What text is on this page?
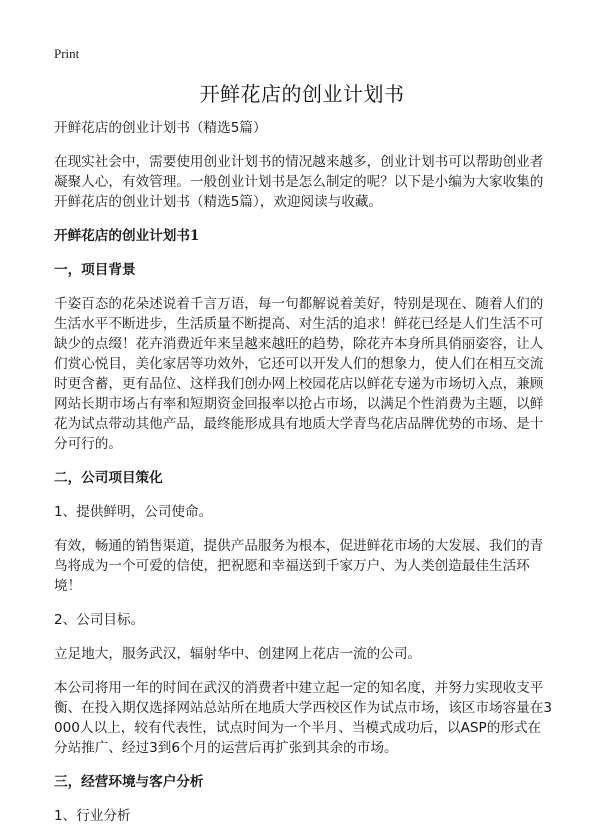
Print
开鲜花店的创业计划书

开鲜花店的创业计划书（精选5篇）

在现实社会中，需要使用创业计划书的情况越来越多，创业计划书可以帮助创业者凝聚人心，有效管理。一般创业计划书是怎么制定的呢？以下是小编为大家收集的开鲜花店的创业计划书（精选5篇），欢迎阅读与收藏。

开鲜花店的创业计划书1

一，项目背景

千姿百态的花朵述说着千言万语，每一句都解说着美好，特别是现在、随着人们的生活水平不断进步，生活质量不断提高、对生活的追求！鲜花已经是人们生活不可缺少的点缀！花卉消费近年来呈越来越旺的趋势，除花卉本身所具俏丽姿容，让人们赏心悦目，美化家居等功效外，它还可以开发人们的想象力，使人们在相互交流时更含蓄，更有品位、这样我们创办网上校园花店以鲜花专递为市场切入点，兼顾网站长期市场占有率和短期资金回报率以抢占市场，以满足个性消费为主题，以鲜花为试点带动其他产品，最终能形成具有地质大学青鸟花店品牌优势的市场、是十分可行的。

二，公司项目策化

1、提供鲜明，公司使命。

有效，畅通的销售渠道，提供产品服务为根本，促进鲜花市场的大发展、我们的青鸟将成为一个可爱的信使，把祝愿和幸福送到千家万户、为人类创造最佳生活环境！

2、公司目标。

立足地大，服务武汉，辐射华中、创建网上花店一流的公司。

本公司将用一年的时间在武汉的消费者中建立起一定的知名度，并努力实现收支平衡、在投入期仅选择网站总站所在地质大学西校区作为试点市场，该区市场容量在3000人以上，较有代表性，试点时间为一个半月、当模式成功后，以ASP的形式在分站推广、经过3到6个月的运营后再扩张到其余的市场。

三，经营环境与客户分析

1、行业分析
